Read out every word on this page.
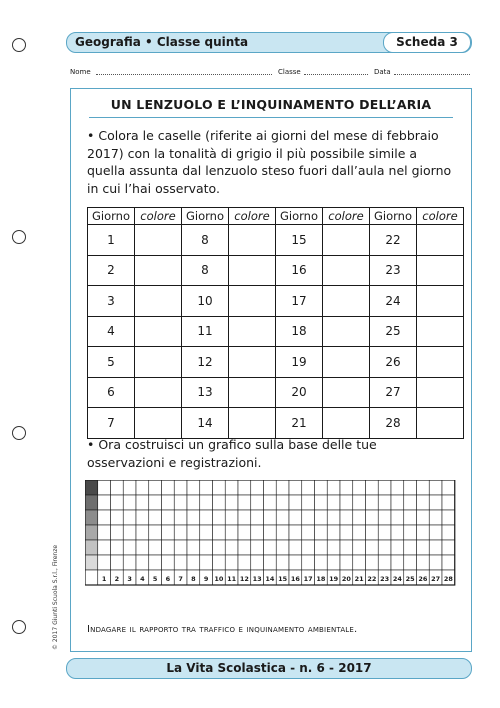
Geografia • Classe quinta	Scheda 3
Nome	Classe	Data
UN LENZUOLO E L’INQUINAMENTO DELL’ARIA
• Colora le caselle (riferite ai giorni del mese di febbraio 2017) con la tonalità di grigio il più possibile simile a quella assunta dal lenzuolo steso fuori dall’aula nel giorno in cui l’hai osservato.
Giorno	colore	Giorno	colore	Giorno	colore	Giorno	colore
1		8		15		22	
2		8		16		23	
3		10		17		24	
4		11		18		25	
5		12		19		26	
6		13		20		27	
7		14		21		28	
• Ora costruisci un grafico sulla base delle tue osservazioni e registrazioni.
1 2 3 4 5 6 7 8 9 10 11 12 13 14 15 16 17 18 19 20 21 22 23 24 25 26 27 28
Indagare il rapporto tra traffico e inquinamento ambientale.
© 2017 Giunti Scuola S.r.l., Firenze
La Vita Scolastica - n. 6 - 2017
